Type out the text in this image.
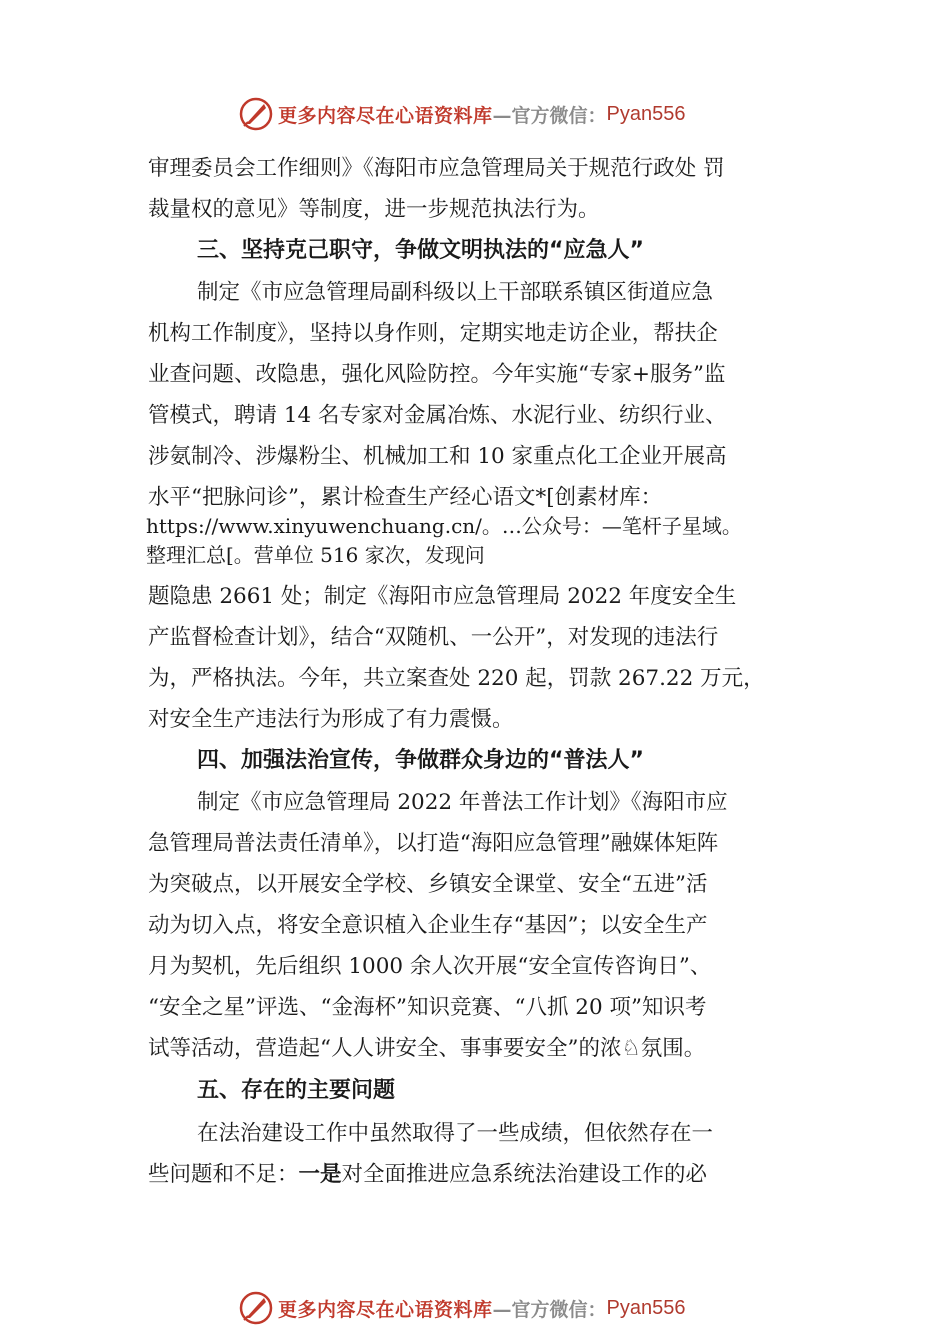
更多内容尽在心语资料库 —官方微信： Pyan556
审理委员会工作细则》《海阳市应急管理局关于规范行政处 罚
裁量权的意见》等制度，进一步规范执法行为。
三、坚持克己职守，争做文明执法的“应急人”
制定《市应急管理局副科级以上干部联系镇区街道应急
机构工作制度》，坚持以身作则，定期实地走访企业，帮扶企
业查问题、改隐患，强化风险防控。今年实施“专家+服务”监
管模式，聘请 14 名专家对金属冶炼、水泥行业、纺织行业、
涉氨制冷、涉爆粉尘、机械加工和 10 家重点化工企业开展高
水平“把脉问诊”，累计检查生产经心语文*[创素材库：
https://www.xinyuwenchuang.cn/。…公众号：—笔杆子星域。
整理汇总[。营单位 516 家次，发现问
题隐患 2661 处；制定《海阳市应急管理局 2022 年度安全生
产监督检查计划》，结合“双随机、一公开”，对发现的违法行
为，严格执法。今年，共立案查处 220 起，罚款 267.22 万元，
对安全生产违法行为形成了有力震慑。
四、加强法治宣传，争做群众身边的“普法人”
制定《市应急管理局 2022 年普法工作计划》《海阳市应
急管理局普法责任清单》，以打造“海阳应急管理”融媒体矩阵
为突破点，以开展安全学校、乡镇安全课堂、安全“五进”活
动为切入点，将安全意识植入企业生存“基因”；以安全生产
月为契机，先后组织 1000 余人次开展“安全宣传咨询日”、
“安全之星”评选、“金海杯”知识竞赛、“八抓 20 项”知识考
试等活动，营造起“人人讲安全、事事要安全”的浓♘氛围。
五、存在的主要问题
在法治建设工作中虽然取得了一些成绩，但依然存在一
些问题和不足：一是对全面推进应急系统法治建设工作的必
更多内容尽在心语资料库 —官方微信： Pyan556
